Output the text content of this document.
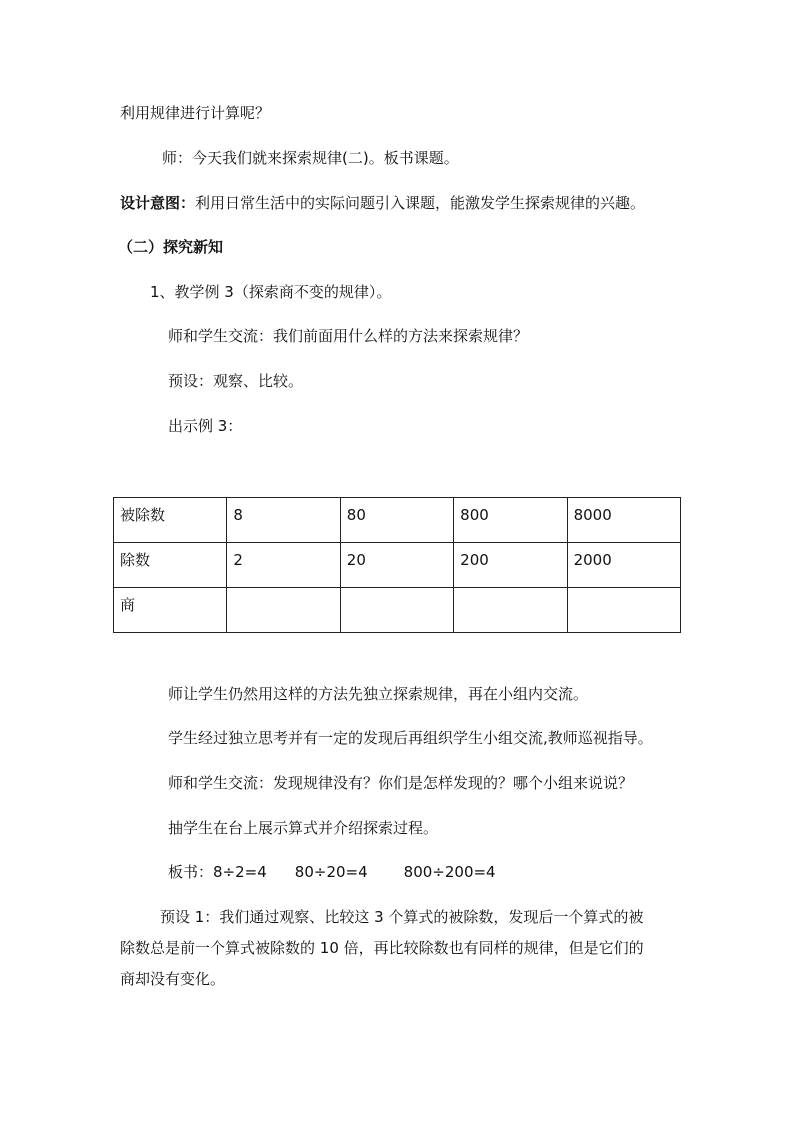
利用规律进行计算呢？
师：今天我们就来探索规律(二)。板书课题。
设计意图：利用日常生活中的实际问题引入课题，能激发学生探索规律的兴趣。
（二）探究新知
1、教学例 3（探索商不变的规律）。
师和学生交流：我们前面用什么样的方法来探索规律？
预设：观察、比较。
出示例 3：
被除数	8	80	800	8000
除数	2	20	200	2000
商				
师让学生仍然用这样的方法先独立探索规律，再在小组内交流。
学生经过独立思考并有一定的发现后再组织学生小组交流,教师巡视指导。
师和学生交流：发现规律没有？你们是怎样发现的？哪个小组来说说？
抽学生在台上展示算式并介绍探索过程。
板书：8÷2=4 80÷20=4 800÷200=4
预设 1：我们通过观察、比较这 3 个算式的被除数，发现后一个算式的被
除数总是前一个算式被除数的 10 倍，再比较除数也有同样的规律，但是它们的
商却没有变化。
